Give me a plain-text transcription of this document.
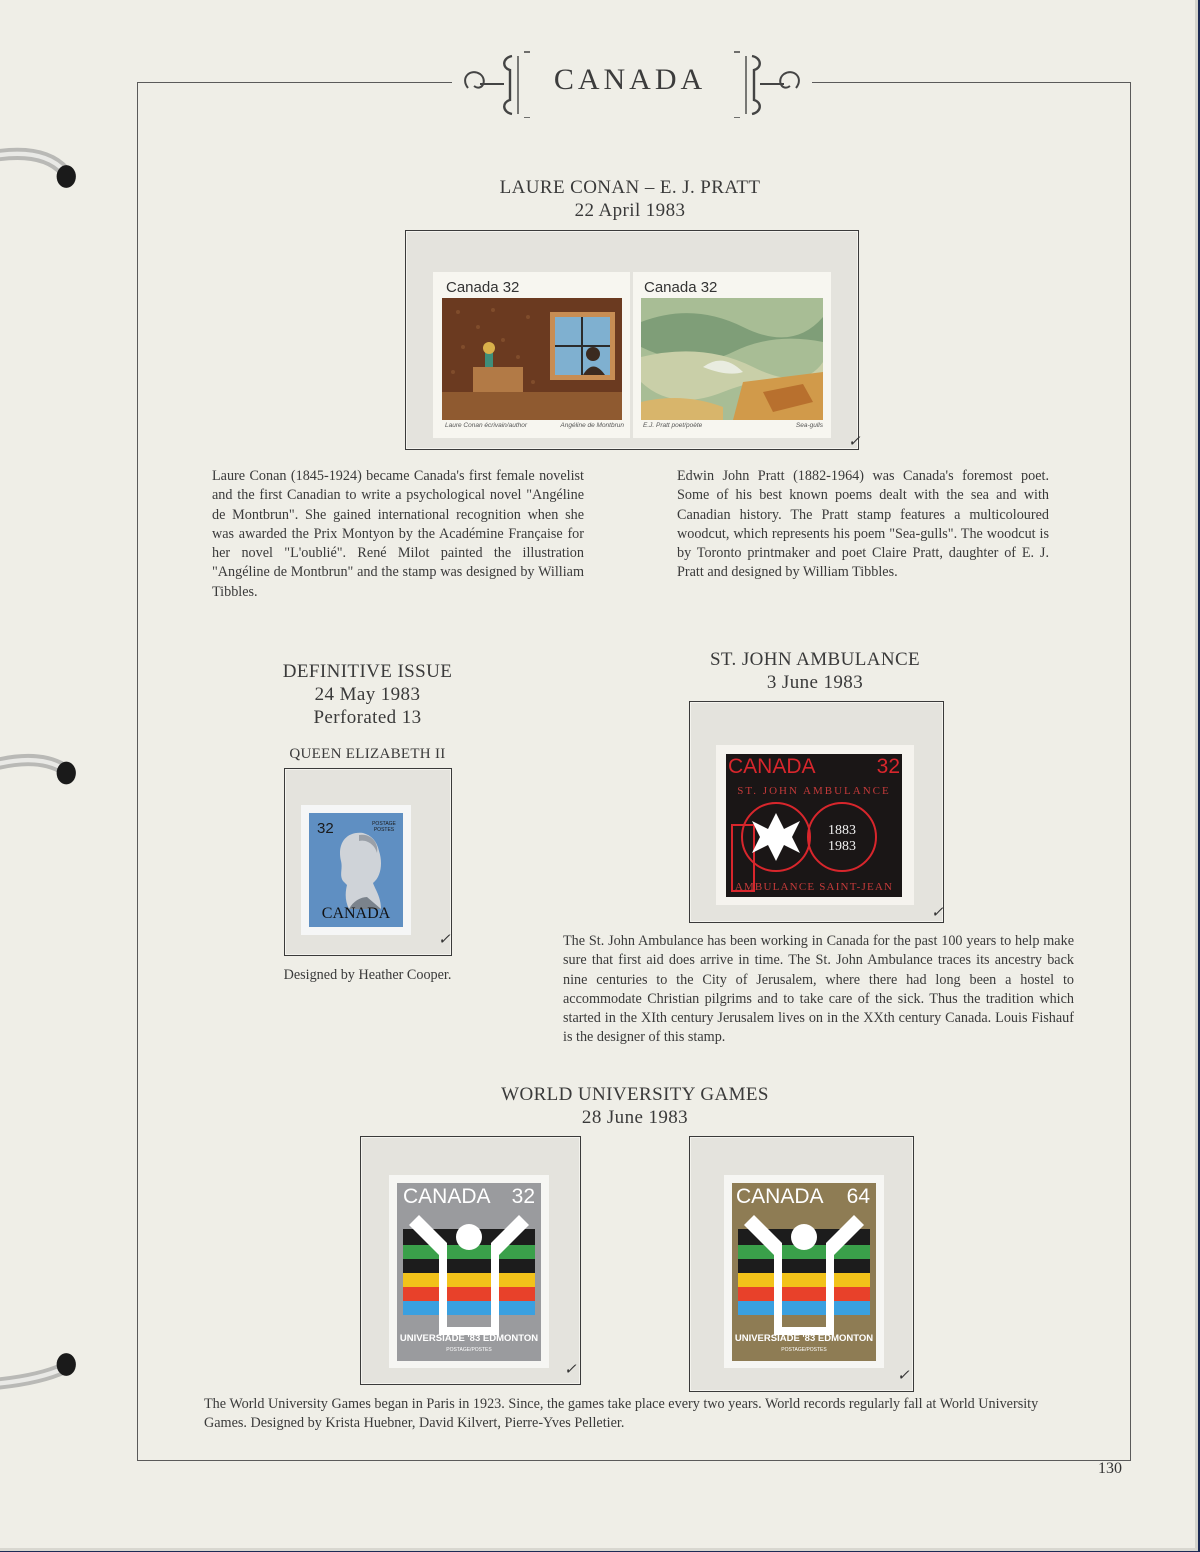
CANADA
LAURE CONAN – E. J. PRATT
22 April 1983
Canada 32
Laure Conan écrivain/author	Angéline de Montbrun
Canada 32
E.J. Pratt poet/poète	Sea-gulls
✓
Laure Conan (1845-1924) became Canada's first female novelist and the first Canadian to write a psychological novel "Angéline de Montbrun". She gained international recognition when she was awarded the Prix Montyon by the Académine Française for her novel "L'oublié". René Milot painted the illustration "Angéline de Montbrun" and the stamp was designed by William Tibbles.
Edwin John Pratt (1882-1964) was Canada's foremost poet. Some of his best known poems dealt with the sea and with Canadian history. The Pratt stamp features a multicoloured woodcut, which represents his poem "Sea-gulls". The woodcut is by Toronto printmaker and poet Claire Pratt, daughter of E. J. Pratt and designed by William Tibbles.
DEFINITIVE ISSUE
24 May 1983
Perforated 13
QUEEN ELIZABETH II
32	POSTAGE POSTES
CANADA
✓
Designed by Heather Cooper.
ST. JOHN AMBULANCE
3 June 1983
CANADA	32
ST. JOHN AMBULANCE
1883
1983
AMBULANCE SAINT-JEAN
✓
The St. John Ambulance has been working in Canada for the past 100 years to help make sure that first aid does arrive in time. The St. John Ambulance traces its ancestry back nine centuries to the City of Jerusalem, where there had long been a hostel to accommodate Christian pilgrims and to take care of the sick. Thus the tradition which started in the XIth century Jerusalem lives on in the XXth century Canada. Louis Fishauf is the designer of this stamp.
WORLD UNIVERSITY GAMES
28 June 1983
CANADA 32
UNIVERSIADE '83 EDMONTON
POSTAGE/POSTES
✓
CANADA 64
UNIVERSIADE '83 EDMONTON
POSTAGE/POSTES
✓
The World University Games began in Paris in 1923. Since, the games take place every two years. World records regularly fall at World University Games. Designed by Krista Huebner, David Kilvert, Pierre-Yves Pelletier.
130
